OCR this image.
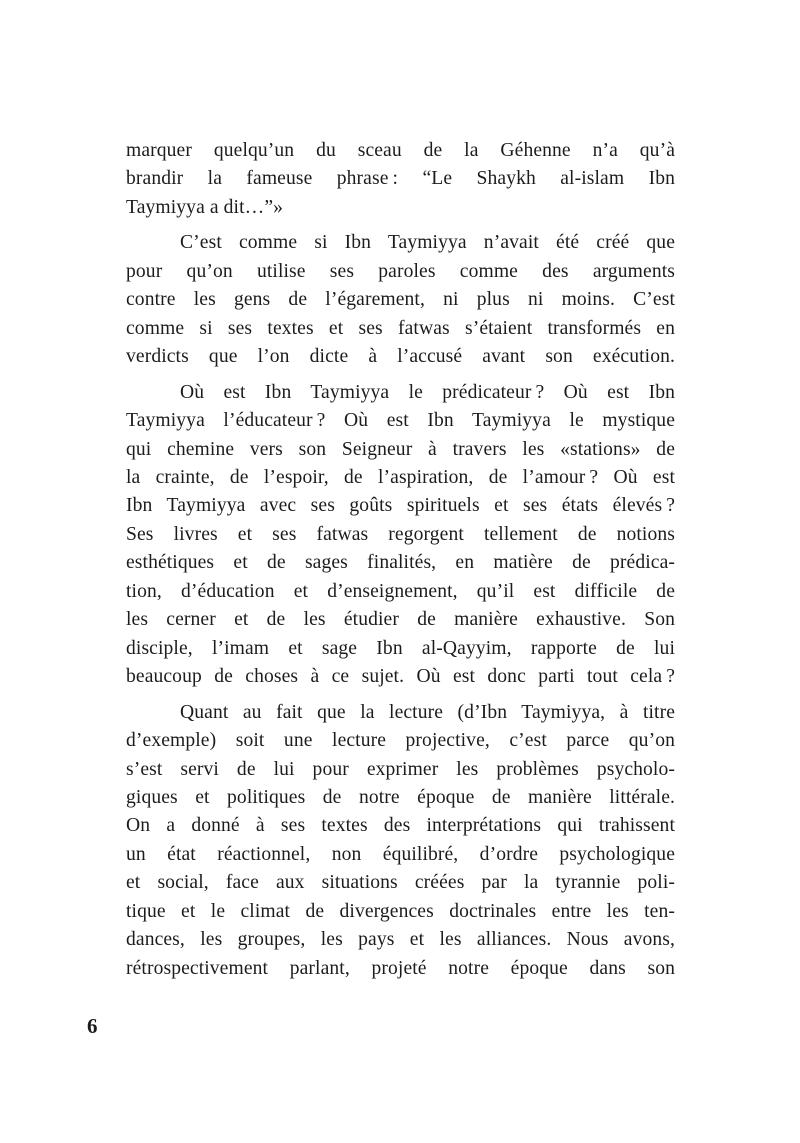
marquer quelqu’un du sceau de la Géhenne n’a qu’à
brandir la fameuse phrase : “Le Shaykh al-islam Ibn
Taymiyya a dit…”»
C’est comme si Ibn Taymiyya n’avait été créé que
pour qu’on utilise ses paroles comme des arguments
contre les gens de l’égarement, ni plus ni moins. C’est
comme si ses textes et ses fatwas s’étaient transformés en
verdicts que l’on dicte à l’accusé avant son exécution.
Où est Ibn Taymiyya le prédicateur ? Où est Ibn
Taymiyya l’éducateur ? Où est Ibn Taymiyya le mystique
qui chemine vers son Seigneur à travers les «stations» de
la crainte, de l’espoir, de l’aspiration, de l’amour ? Où est
Ibn Taymiyya avec ses goûts spirituels et ses états élevés ?
Ses livres et ses fatwas regorgent tellement de notions
esthétiques et de sages finalités, en matière de prédica-
tion, d’éducation et d’enseignement, qu’il est difficile de
les cerner et de les étudier de manière exhaustive. Son
disciple, l’imam et sage Ibn al-Qayyim, rapporte de lui
beaucoup de choses à ce sujet. Où est donc parti tout cela ?
Quant au fait que la lecture (d’Ibn Taymiyya, à titre
d’exemple) soit une lecture projective, c’est parce qu’on
s’est servi de lui pour exprimer les problèmes psycholo-
giques et politiques de notre époque de manière littérale.
On a donné à ses textes des interprétations qui trahissent
un état réactionnel, non équilibré, d’ordre psychologique
et social, face aux situations créées par la tyrannie poli-
tique et le climat de divergences doctrinales entre les ten-
dances, les groupes, les pays et les alliances. Nous avons,
rétrospectivement parlant, projeté notre époque dans son
6
